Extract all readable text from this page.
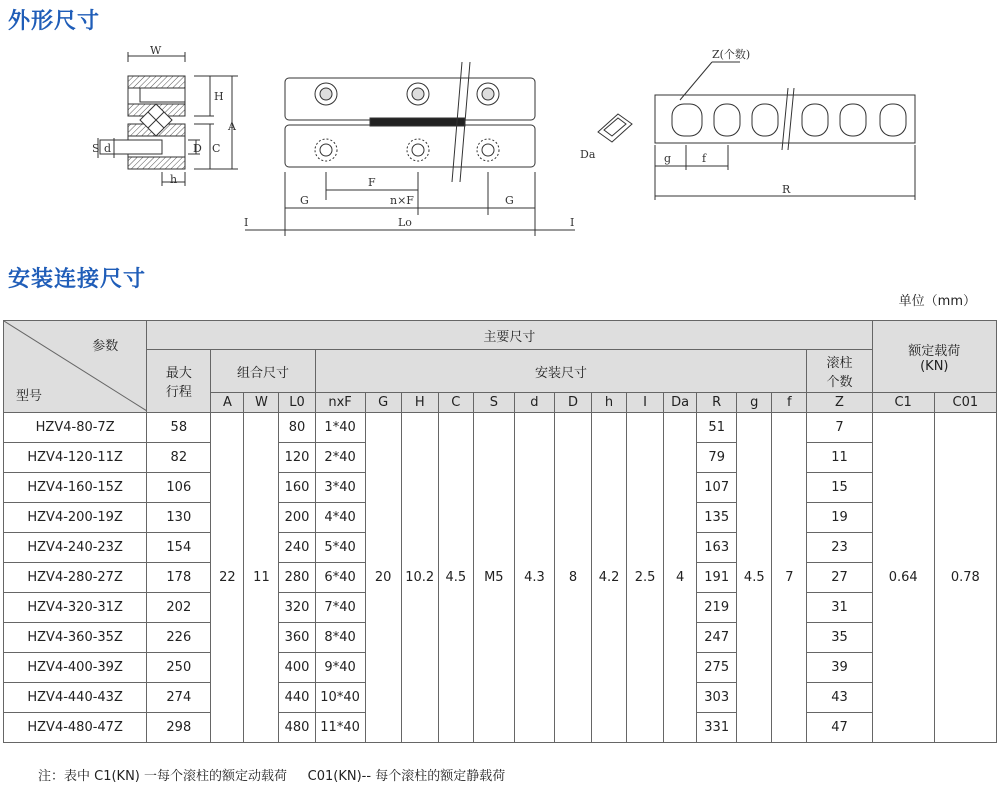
外形尺寸
W
H
A
C
D
S d
h	F
n×F
G	G
Lo
I	I
Da
Z(个数)
g	f
R
安装连接尺寸
单位（mm）
参数
型号	主要尺寸																		额定载荷
(KN)	
	最大
行程	组合尺寸			安装尺寸													滚柱
个数		
		A	W	L0	nxF	G	H	C	S	d	D	h	I	Da	R	g	f	Z	C1	C01
HZV4-80-7Z	58	22	11	80	1*40	20	10.2	4.5	M5	4.3	8	4.2	2.5	4	51	4.5	7	7	0.64	0.78
HZV4-120-11Z	82			120	2*40										79			11		
HZV4-160-15Z	106			160	3*40										107			15		
HZV4-200-19Z	130			200	4*40										135			19		
HZV4-240-23Z	154			240	5*40										163			23		
HZV4-280-27Z	178			280	6*40										191			27		
HZV4-320-31Z	202			320	7*40										219			31		
HZV4-360-35Z	226			360	8*40										247			35		
HZV4-400-39Z	250			400	9*40										275			39		
HZV4-440-43Z	274			440	10*40										303			43		
HZV4-480-47Z	298			480	11*40										331			47		
注：表中 C1(KN) 一每个滚柱的额定动载荷     C01(KN)-- 每个滚柱的额定静载荷
